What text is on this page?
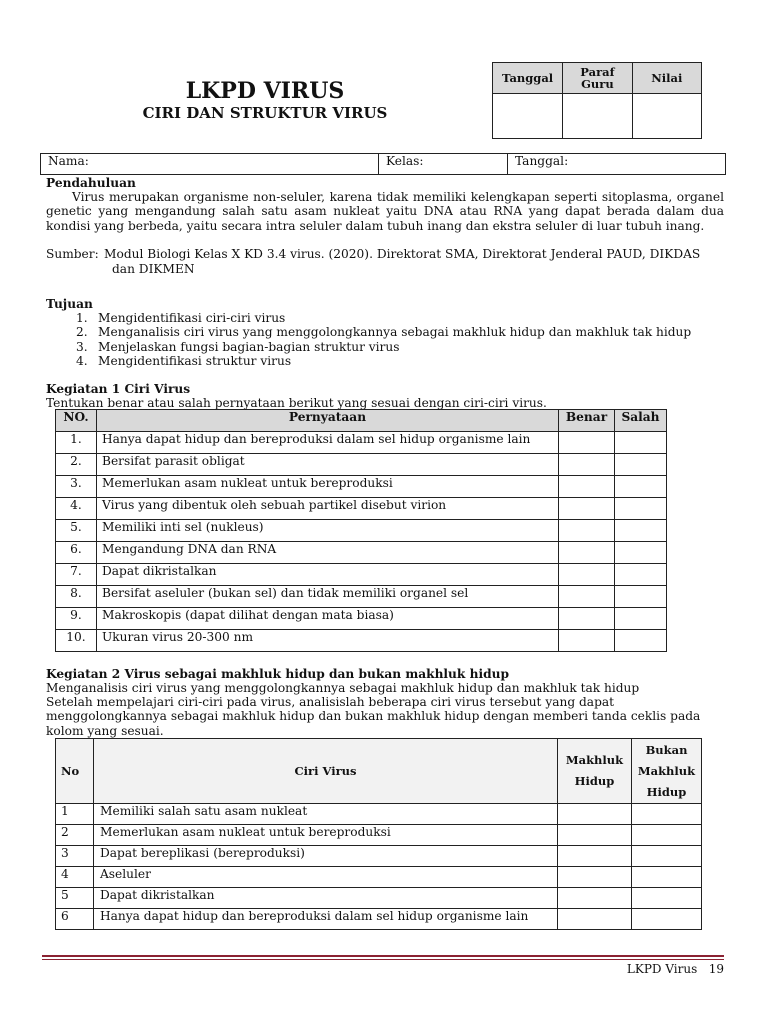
LKPD VIRUS
CIRI DAN STRUKTUR VIRUS
Tanggal	Paraf Guru	Nilai

Nama:	Kelas:	Tanggal:
Pendahuluan
Virus merupakan organisme non-seluler, karena tidak memiliki kelengkapan seperti sitoplasma, organel genetic yang mengandung salah satu asam nukleat yaitu DNA atau RNA yang dapat berada dalam dua kondisi yang berbeda, yaitu secara intra seluler dalam tubuh inang dan ekstra seluler di luar tubuh inang.
Sumber: Modul Biologi Kelas X KD 3.4 virus. (2020). Direktorat SMA, Direktorat Jenderal PAUD, DIKDAS
dan DIKMEN
Tujuan
1. Mengidentifikasi ciri-ciri virus
2. Menganalisis ciri virus yang menggolongkannya sebagai makhluk hidup dan makhluk tak hidup
3. Menjelaskan fungsi bagian-bagian struktur virus
4. Mengidentifikasi struktur virus
Kegiatan 1 Ciri Virus
Tentukan benar atau salah pernyataan berikut yang sesuai dengan ciri-ciri virus.
NO.	Pernyataan	Benar	Salah
1.	Hanya dapat hidup dan bereproduksi dalam sel hidup organisme lain		
2.	Bersifat parasit obligat		
3.	Memerlukan asam nukleat untuk bereproduksi		
4.	Virus yang dibentuk oleh sebuah partikel disebut virion		
5.	Memiliki inti sel (nukleus)		
6.	Mengandung DNA dan RNA		
7.	Dapat dikristalkan		
8.	Bersifat aseluler (bukan sel) dan tidak memiliki organel sel		
9.	Makroskopis (dapat dilihat dengan mata biasa)		
10.	Ukuran virus 20-300 nm		
Kegiatan 2 Virus sebagai makhluk hidup dan bukan makhluk hidup
Menganalisis ciri virus yang menggolongkannya sebagai makhluk hidup dan makhluk tak hidup
Setelah mempelajari ciri-ciri pada virus, analisislah beberapa ciri virus tersebut yang dapat menggolongkannya sebagai makhluk hidup dan bukan makhluk hidup dengan memberi tanda ceklis pada kolom yang sesuai.
No	Ciri Virus	Makhluk Hidup	Bukan Makhluk Hidup
1	Memiliki salah satu asam nukleat		
2	Memerlukan asam nukleat untuk bereproduksi		
3	Dapat bereplikasi (bereproduksi)		
4	Aseluler		
5	Dapat dikristalkan		
6	Hanya dapat hidup dan bereproduksi dalam sel hidup organisme lain		
LKPD Virus 19
